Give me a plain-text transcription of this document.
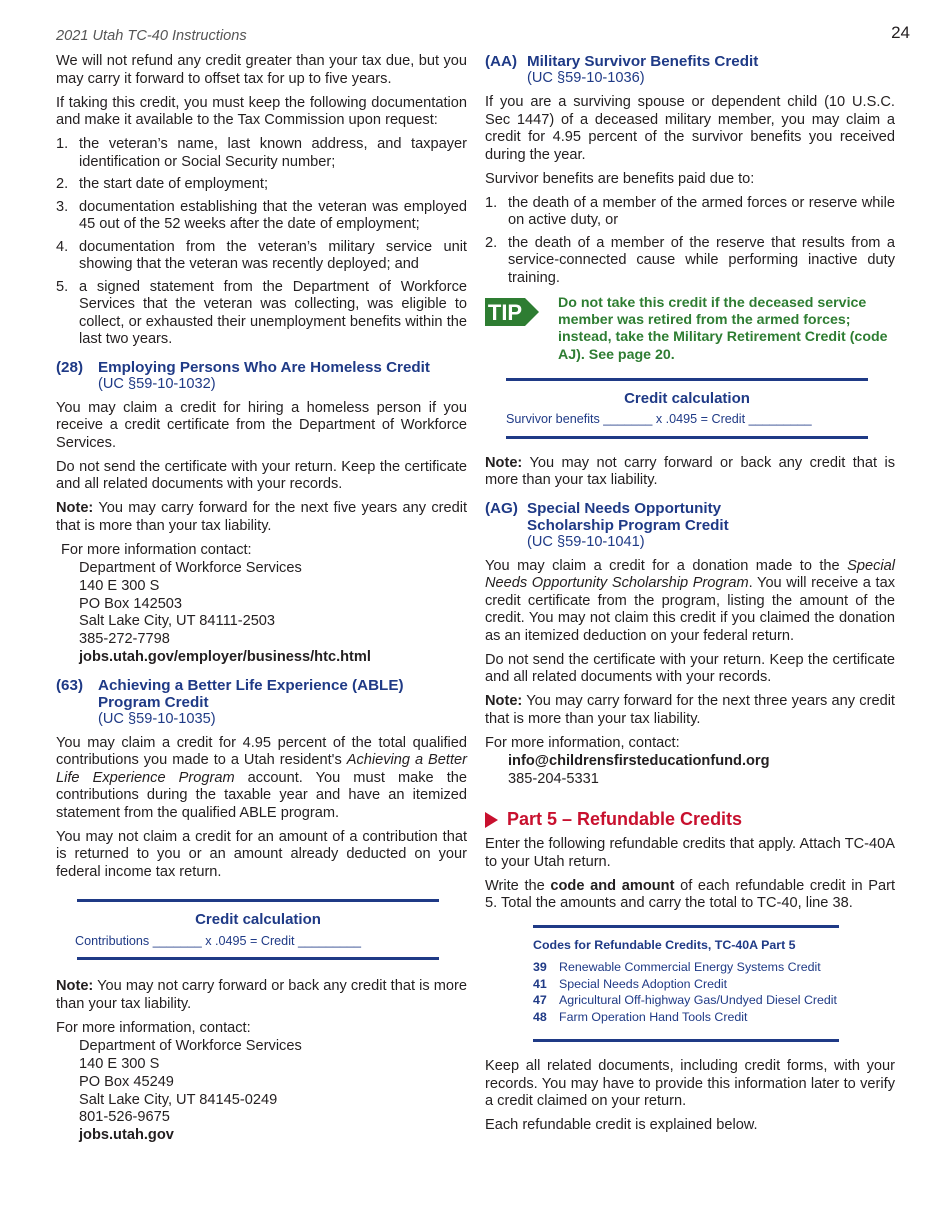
2021 Utah TC-40 Instructions	24

We will not refund any credit greater than your tax due, but you may carry it forward to offset tax for up to five years.

If taking this credit, you must keep the following documentation and make it available to the Tax Commission upon request:

1. the veteran’s name, last known address, and taxpayer identification or Social Security number;
2. the start date of employment;
3. documentation establishing that the veteran was employed 45 out of the 52 weeks after the date of employment;
4. documentation from the veteran’s military service unit showing that the veteran was recently deployed; and
5. a signed statement from the Department of Workforce Services that the veteran was collecting, was eligible to collect, or exhausted their unemployment benefits within the last two years.
(28) Employing Persons Who Are Homeless Credit
(UC §59-10-1032)

You may claim a credit for hiring a homeless person if you receive a credit certificate from the Department of Workforce Services.

Do not send the certificate with your return. Keep the certificate and all related documents with your records.

Note: You may carry forward for the next five years any credit that is more than your tax liability.

For more information contact:
Department of Workforce Services
140 E 300 S
PO Box 142503
Salt Lake City, UT 84111-2503
385-272-7798
jobs.utah.gov/employer/business/htc.html
(63) Achieving a Better Life Experience (ABLE) Program Credit
(UC §59-10-1035)

You may claim a credit for 4.95 percent of the total qualified contributions you made to a Utah resident's Achieving a Better Life Experience Program account. You must make the contributions during the taxable year and have an itemized statement from the qualified ABLE program.

You may not claim a credit for an amount of a contribution that is returned to you or an amount already deducted on your federal income tax return.

Credit calculation
Contributions _______ x .0495 = Credit _________

Note: You may not carry forward or back any credit that is more than your tax liability.

For more information, contact:
Department of Workforce Services
140 E 300 S
PO Box 45249
Salt Lake City, UT 84145-0249
801-526-9675
jobs.utah.gov
(AA) Military Survivor Benefits Credit
(UC §59-10-1036)

If you are a surviving spouse or dependent child (10 U.S.C. Sec 1447) of a deceased military member, you may claim a credit for 4.95 percent of the survivor benefits you received during the year.

Survivor benefits are benefits paid due to:

1. the death of a member of the armed forces or reserve while on active duty, or
2. the death of a member of the reserve that results from a service-connected cause while performing inactive duty training.
TIP	Do not take this credit if the deceased service member was retired from the armed forces; instead, take the Military Retirement Credit (code AJ). See page 20.
Credit calculation
Survivor benefits _______ x .0495 = Credit _________

Note: You may not carry forward or back any credit that is more than your tax liability.

(AG) Special Needs Opportunity
Scholarship Program Credit
(UC §59-10-1041)

You may claim a credit for a donation made to the Special Needs Opportunity Scholarship Program. You will receive a tax credit certificate from the program, listing the amount of the credit. You may not claim this credit if you claimed the donation as an itemized deduction on your federal return.

Do not send the certificate with your return. Keep the certificate and all related documents with your records.

Note: You may carry forward for the next three years any credit that is more than your tax liability.

For more information, contact:
info@childrensfirsteducationfund.org
385-204-5331
Part 5 – Refundable Credits

Enter the following refundable credits that apply. Attach TC-40A to your Utah return.

Write the code and amount of each refundable credit in Part 5. Total the amounts and carry the total to TC-40, line 38.

Codes for Refundable Credits, TC-40A Part 5
39 Renewable Commercial Energy Systems Credit
41 Special Needs Adoption Credit
47 Agricultural Off-highway Gas/Undyed Diesel Credit
48 Farm Operation Hand Tools Credit

Keep all related documents, including credit forms, with your records. You may have to provide this information later to verify a credit claimed on your return.

Each refundable credit is explained below.
